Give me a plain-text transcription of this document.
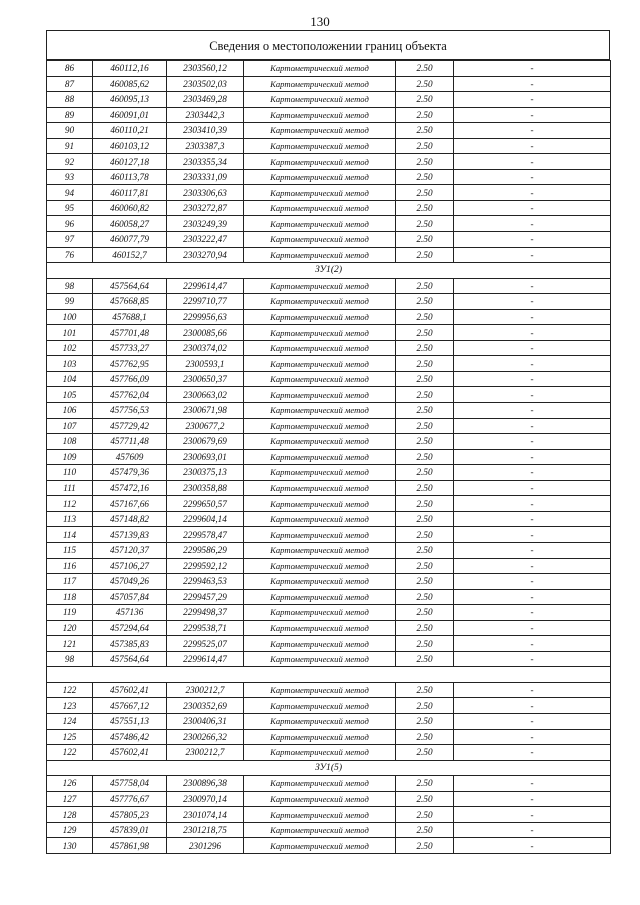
130
Сведения о местоположении границ объекта
86	460112,16	2303560,12	Картометрический метод	2.50	-
87	460085,62	2303502,03	Картометрический метод	2.50	-
88	460095,13	2303469,28	Картометрический метод	2.50	-
89	460091,01	2303442,3	Картометрический метод	2.50	-
90	460110,21	2303410,39	Картометрический метод	2.50	-
91	460103,12	2303387,3	Картометрический метод	2.50	-
92	460127,18	2303355,34	Картометрический метод	2.50	-
93	460113,78	2303331,09	Картометрический метод	2.50	-
94	460117,81	2303306,63	Картометрический метод	2.50	-
95	460060,82	2303272,87	Картометрический метод	2.50	-
96	460058,27	2303249,39	Картометрический метод	2.50	-
97	460077,79	2303222,47	Картометрический метод	2.50	-
76	460152,7	2303270,94	Картометрический метод	2.50	-
ЗУ1(2)					
98	457564,64	2299614,47	Картометрический метод	2.50	-
99	457668,85	2299710,77	Картометрический метод	2.50	-
100	457688,1	2299956,63	Картометрический метод	2.50	-
101	457701,48	2300085,66	Картометрический метод	2.50	-
102	457733,27	2300374,02	Картометрический метод	2.50	-
103	457762,95	2300593,1	Картометрический метод	2.50	-
104	457766,09	2300650,37	Картометрический метод	2.50	-
105	457762,04	2300663,02	Картометрический метод	2.50	-
106	457756,53	2300671,98	Картометрический метод	2.50	-
107	457729,42	2300677,2	Картометрический метод	2.50	-
108	457711,48	2300679,69	Картометрический метод	2.50	-
109	457609	2300693,01	Картометрический метод	2.50	-
110	457479,36	2300375,13	Картометрический метод	2.50	-
111	457472,16	2300358,88	Картометрический метод	2.50	-
112	457167,66	2299650,57	Картометрический метод	2.50	-
113	457148,82	2299604,14	Картометрический метод	2.50	-
114	457139,83	2299578,47	Картометрический метод	2.50	-
115	457120,37	2299586,29	Картометрический метод	2.50	-
116	457106,27	2299592,12	Картометрический метод	2.50	-
117	457049,26	2299463,53	Картометрический метод	2.50	-
118	457057,84	2299457,29	Картометрический метод	2.50	-
119	457136	2299498,37	Картометрический метод	2.50	-
120	457294,64	2299538,71	Картометрический метод	2.50	-
121	457385,83	2299525,07	Картометрический метод	2.50	-
98	457564,64	2299614,47	Картометрический метод	2.50	-

122	457602,41	2300212,7	Картометрический метод	2.50	-
123	457667,12	2300352,69	Картометрический метод	2.50	-
124	457551,13	2300406,31	Картометрический метод	2.50	-
125	457486,42	2300266,32	Картометрический метод	2.50	-
122	457602,41	2300212,7	Картометрический метод	2.50	-
ЗУ1(5)					
126	457758,04	2300896,38	Картометрический метод	2.50	-
127	457776,67	2300970,14	Картометрический метод	2.50	-
128	457805,23	2301074,14	Картометрический метод	2.50	-
129	457839,01	2301218,75	Картометрический метод	2.50	-
130	457861,98	2301296	Картометрический метод	2.50	-
